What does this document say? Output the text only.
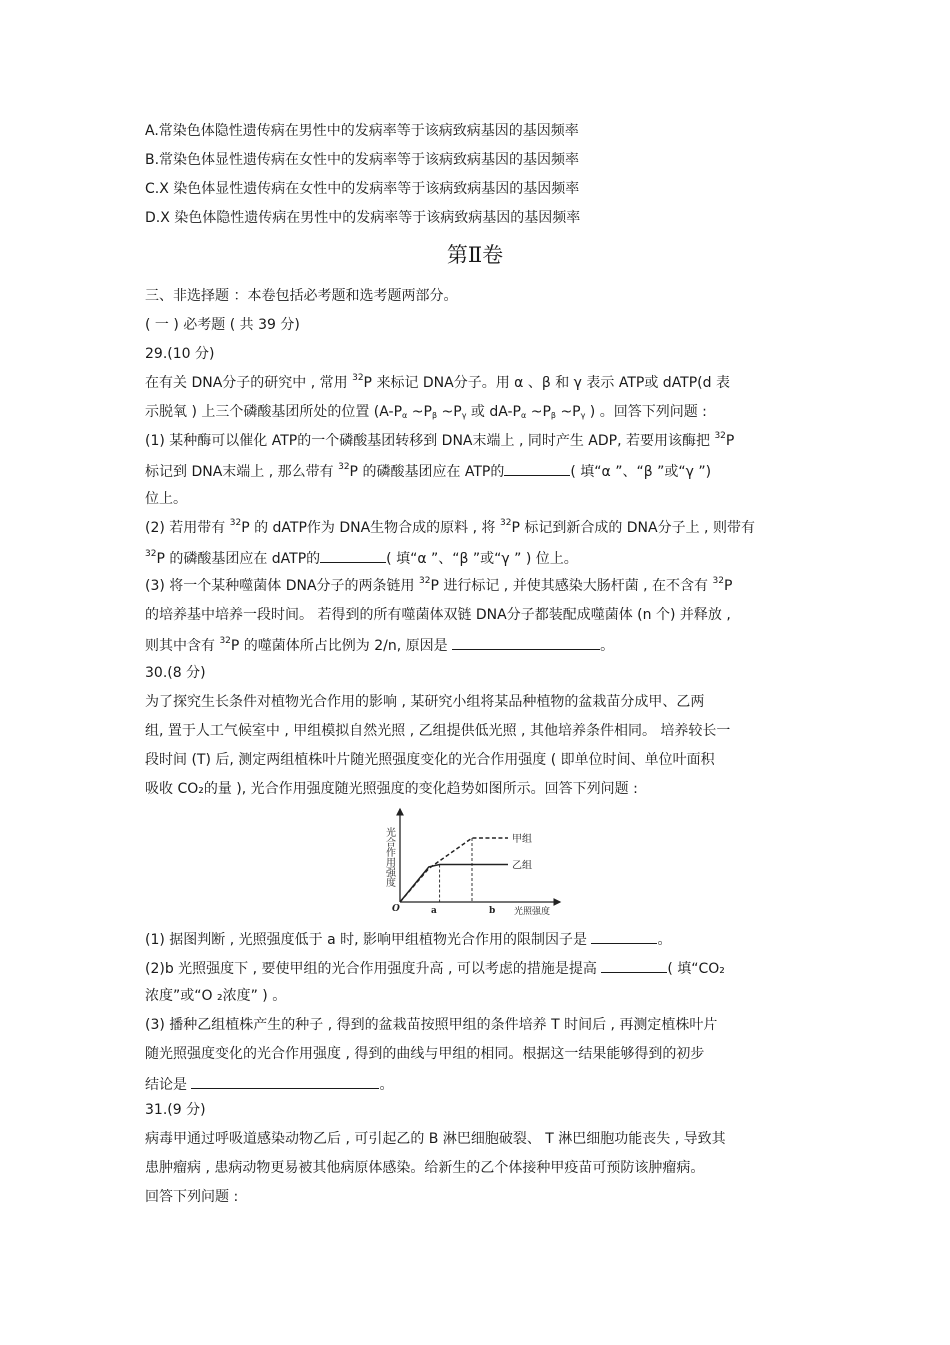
A.常染色体隐性遗传病在男性中的发病率等于该病致病基因的基因频率
B.常染色体显性遗传病在女性中的发病率等于该病致病基因的基因频率
C.X 染色体显性遗传病在女性中的发病率等于该病致病基因的基因频率
D.X 染色体隐性遗传病在男性中的发病率等于该病致病基因的基因频率
第Ⅱ卷
三、非选择题 ：本卷包括必考题和选考题两部分。
( 一 ) 必考题 ( 共 39 分)
29.(10 分)
在有关 DNA分子的研究中 , 常用 $^{32}$P 来标记 DNA分子。用 α 、β 和 γ 表示 ATP或 dATP(d 表
示脱氧 ) 上三个磷酸基团所处的位置 ($A-P_\alpha$ $\sim P_\beta$ $\sim P_\gamma$ 或 $dA-P_\alpha$ $\sim P_\beta$ $\sim P_\gamma$ ) 。回答下列问题 :
(1) 某种酶可以催化 ATP的一个磷酸基团转移到 DNA末端上 , 同时产生 ADP, 若要用该酶把 $^{32}$P
标记到 DNA末端上 , 那么带有 $^{32}$P 的磷酸基团应在 ATP的	( 填“α ”、“β ”或“γ ”)
位上。
(2) 若用带有 $^{32}$P 的 dATP作为 DNA生物合成的原料 , 将 $^{32}$P 标记到新合成的 DNA分子上 , 则带有
$^{32}$P 的磷酸基团应在 dATP的	( 填“α ”、“β ”或“γ ” ) 位上。
(3) 将一个某种噬菌体 DNA分子的两条链用 $^{32}$P 进行标记 , 并使其感染大肠杆菌 , 在不含有 $^{32}$P
的培养基中培养一段时间。 若得到的所有噬菌体双链 DNA分子都装配成噬菌体 (n 个) 并释放 ,
则其中含有 $^{32}$P 的噬菌体所占比例为 2/n, 原因是	。
30.(8 分)
为了探究生长条件对植物光合作用的影响 , 某研究小组将某品种植物的盆栽苗分成甲、乙两
组, 置于人工气候室中 , 甲组模拟自然光照 , 乙组提供低光照 , 其他培养条件相同。 培养较长一
段时间 (T) 后, 测定两组植株叶片随光照强度变化的光合作用强度 ( 即单位时间、单位叶面积
吸收 CO₂的量 ), 光合作用强度随光照强度的变化趋势如图所示。回答下列问题 :
光合作用强度
光照强度
O	a	b
甲组
乙组
(1) 据图判断 , 光照强度低于 a 时, 影响甲组植物光合作用的限制因子是	。
(2)b 光照强度下 , 要使甲组的光合作用强度升高 , 可以考虑的措施是提高	( 填“CO₂
浓度”或“O ₂浓度” ) 。
(3) 播种乙组植株产生的种子 , 得到的盆栽苗按照甲组的条件培养 T 时间后 , 再测定植株叶片
随光照强度变化的光合作用强度 , 得到的曲线与甲组的相同。根据这一结果能够得到的初步
结论是	。
31.(9 分)
病毒甲通过呼吸道感染动物乙后 , 可引起乙的 B 淋巴细胞破裂、 T 淋巴细胞功能丧失 , 导致其
患肿瘤病 , 患病动物更易被其他病原体感染。给新生的乙个体接种甲疫苗可预防该肿瘤病。
回答下列问题 :
